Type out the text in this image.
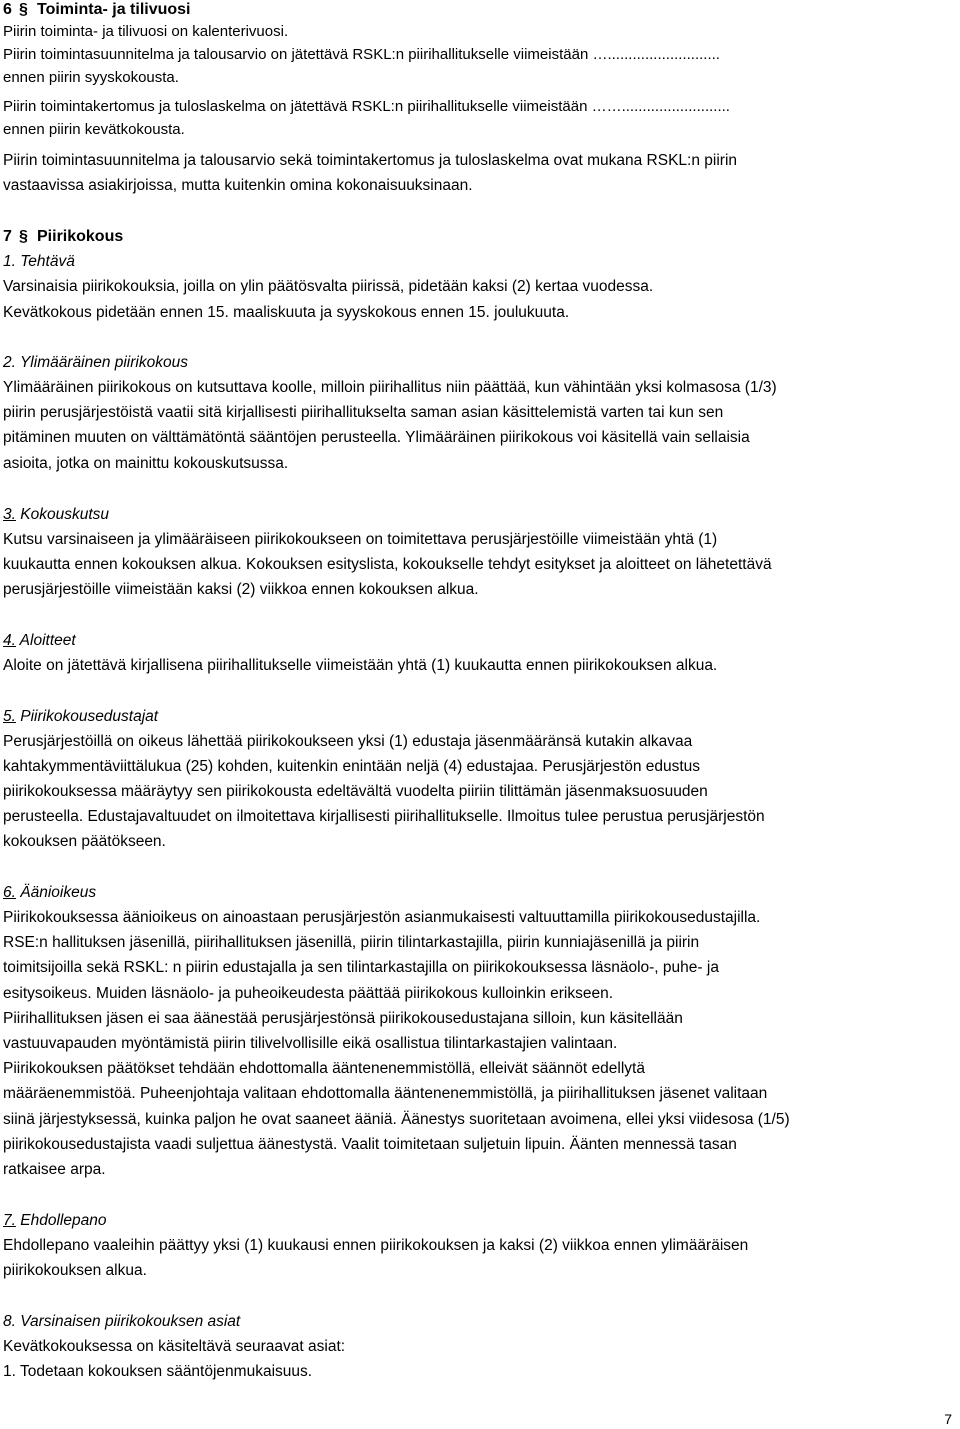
6 § Toiminta- ja tilivuosi
Piirin toiminta- ja tilivuosi on kalenterivuosi.
Piirin toimintasuunnitelma ja talousarvio on jätettävä RSKL:n piirihallitukselle viimeistään …...........................
ennen piirin syyskokousta.
Piirin toimintakertomus ja tuloslaskelma on jätettävä RSKL:n piirihallitukselle viimeistään ……..........................
ennen piirin kevätkokousta.
Piirin toimintasuunnitelma ja talousarvio sekä toimintakertomus ja tuloslaskelma ovat mukana RSKL:n piirin
vastaavissa asiakirjoissa, mutta kuitenkin omina kokonaisuuksinaan.
7 § Piirikokous
1. Tehtävä
Varsinaisia piirikokouksia, joilla on ylin päätösvalta piirissä, pidetään kaksi (2) kertaa vuodessa.
Kevätkokous pidetään ennen 15. maaliskuuta ja syyskokous ennen 15. joulukuuta.
2. Ylimääräinen piirikokous
Ylimääräinen piirikokous on kutsuttava koolle, milloin piirihallitus niin päättää, kun vähintään yksi kolmasosa (1/3)
piirin perusjärjestöistä vaatii sitä kirjallisesti piirihallitukselta saman asian käsittelemistä varten tai kun sen
pitäminen muuten on välttämätöntä sääntöjen perusteella. Ylimääräinen piirikokous voi käsitellä vain sellaisia
asioita, jotka on mainittu kokouskutsussa.
3. Kokouskutsu
Kutsu varsinaiseen ja ylimääräiseen piirikokoukseen on toimitettava perusjärjestöille viimeistään yhtä (1)
kuukautta ennen kokouksen alkua. Kokouksen esityslista, kokoukselle tehdyt esitykset ja aloitteet on lähetettävä
perusjärjestöille viimeistään kaksi (2) viikkoa ennen kokouksen alkua.
4. Aloitteet
Aloite on jätettävä kirjallisena piirihallitukselle viimeistään yhtä (1) kuukautta ennen piirikokouksen alkua.
5. Piirikokousedustajat
Perusjärjestöillä on oikeus lähettää piirikokoukseen yksi (1) edustaja jäsenmääränsä kutakin alkavaa
kahtakymmentäviittälukua (25) kohden, kuitenkin enintään neljä (4) edustajaa. Perusjärjestön edustus
piirikokouksessa määräytyy sen piirikokousta edeltävältä vuodelta piiriin tilittämän jäsenmaksuosuuden
perusteella. Edustajavaltuudet on ilmoitettava kirjallisesti piirihallitukselle. Ilmoitus tulee perustua perusjärjestön
kokouksen päätökseen.
6. Äänioikeus
Piirikokouksessa äänioikeus on ainoastaan perusjärjestön asianmukaisesti valtuuttamilla piirikokousedustajilla.
RSE:n hallituksen jäsenillä, piirihallituksen jäsenillä, piirin tilintarkastajilla, piirin kunniajäsenillä ja piirin
toimitsijoilla sekä RSKL: n piirin edustajalla ja sen tilintarkastajilla on piirikokouksessa läsnäolo-, puhe- ja
esitysoikeus. Muiden läsnäolo- ja puheoikeudesta päättää piirikokous kulloinkin erikseen.
Piirihallituksen jäsen ei saa äänestää perusjärjestönsä piirikokousedustajana silloin, kun käsitellään
vastuuvapauden myöntämistä piirin tilivelvollisille eikä osallistua tilintarkastajien valintaan.
Piirikokouksen päätökset tehdään ehdottomalla ääntenenemmistöllä, elleivät säännöt edellytä
määräenemmistöä. Puheenjohtaja valitaan ehdottomalla ääntenenemmistöllä, ja piirihallituksen jäsenet valitaan
siinä järjestyksessä, kuinka paljon he ovat saaneet ääniä. Äänestys suoritetaan avoimena, ellei yksi viidesosa (1/5)
piirikokousedustajista vaadi suljettua äänestystä. Vaalit toimitetaan suljetuin lipuin. Äänten mennessä tasan
ratkaisee arpa.
7. Ehdollepano
Ehdollepano vaaleihin päättyy yksi (1) kuukausi ennen piirikokouksen ja kaksi (2) viikkoa ennen ylimääräisen
piirikokouksen alkua.
8. Varsinaisen piirikokouksen asiat
Kevätkokouksessa on käsiteltävä seuraavat asiat:
1. Todetaan kokouksen sääntöjenmukaisuus.
7
